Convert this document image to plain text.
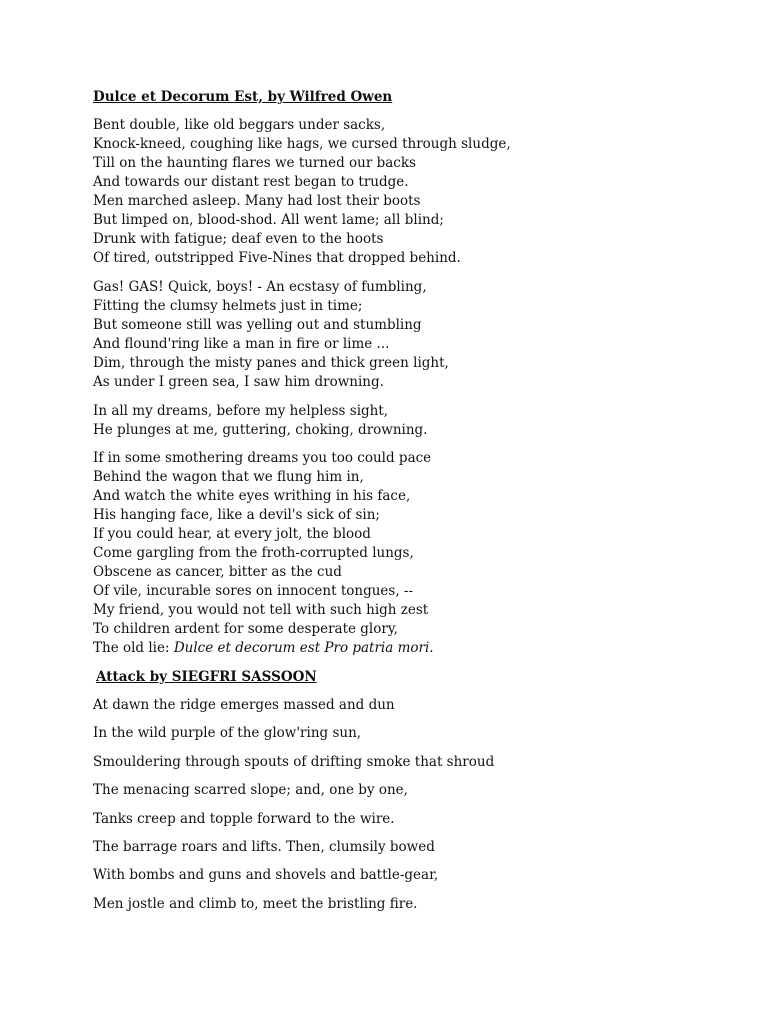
Dulce et Decorum Est, by Wilfred Owen
Bent double, like old beggars under sacks,
Knock-kneed, coughing like hags, we cursed through sludge,
Till on the haunting flares we turned our backs
And towards our distant rest began to trudge.
Men marched asleep. Many had lost their boots
But limped on, blood-shod. All went lame; all blind;
Drunk with fatigue; deaf even to the hoots
Of tired, outstripped Five-Nines that dropped behind.
Gas! GAS! Quick, boys! - An ecstasy of fumbling,
Fitting the clumsy helmets just in time;
But someone still was yelling out and stumbling
And flound'ring like a man in fire or lime ...
Dim, through the misty panes and thick green light,
As under I green sea, I saw him drowning.
In all my dreams, before my helpless sight,
He plunges at me, guttering, choking, drowning.
If in some smothering dreams you too could pace
Behind the wagon that we flung him in,
And watch the white eyes writhing in his face,
His hanging face, like a devil's sick of sin;
If you could hear, at every jolt, the blood
Come gargling from the froth-corrupted lungs,
Obscene as cancer, bitter as the cud
Of vile, incurable sores on innocent tongues, --
My friend, you would not tell with such high zest
To children ardent for some desperate glory,
The old lie: Dulce et decorum est Pro patria mori.
Attack by SIEGFRI SASSOON
At dawn the ridge emerges massed and dun
In the wild purple of the glow'ring sun,
Smouldering through spouts of drifting smoke that shroud
The menacing scarred slope; and, one by one,
Tanks creep and topple forward to the wire.
The barrage roars and lifts. Then, clumsily bowed
With bombs and guns and shovels and battle-gear,
Men jostle and climb to, meet the bristling fire.
